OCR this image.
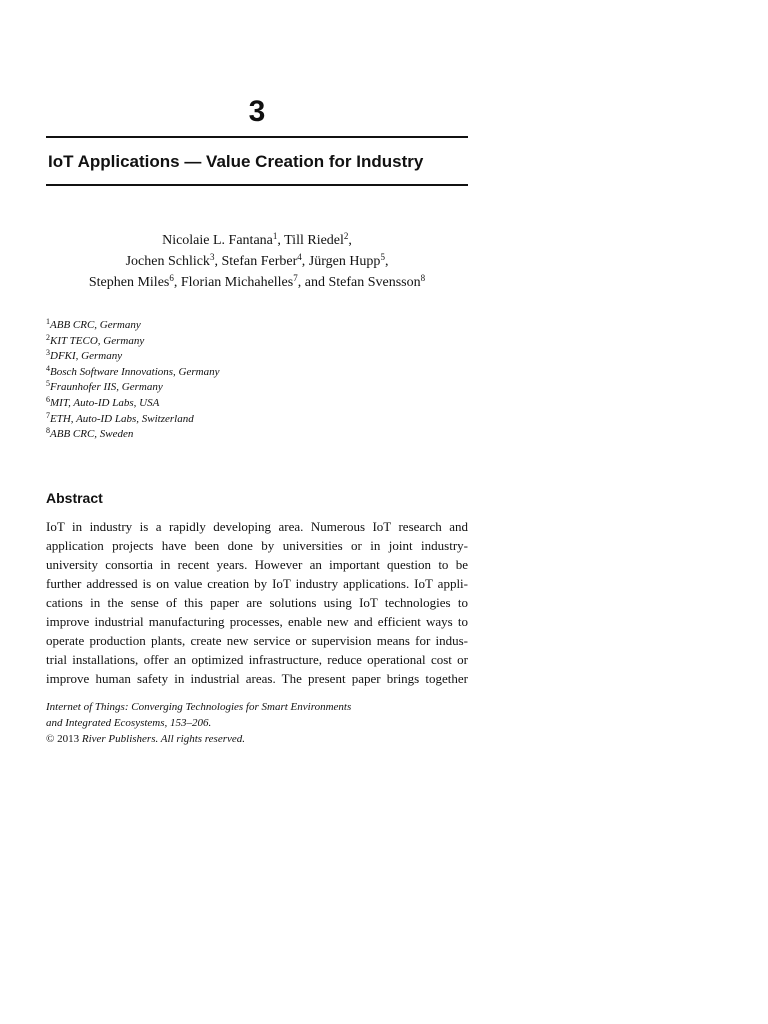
3
IoT Applications — Value Creation for Industry
Nicolaie L. Fantana$^1$, Till Riedel$^2$,
Jochen Schlick$^3$, Stefan Ferber$^4$, Jürgen Hupp$^5$,
Stephen Miles$^6$, Florian Michahelles$^7$, and Stefan Svensson$^8$
$^1$ABB CRC, Germany
$^2$KIT TECO, Germany
$^3$DFKI, Germany
$^4$Bosch Software Innovations, Germany
$^5$Fraunhofer IIS, Germany
$^6$MIT, Auto-ID Labs, USA
$^7$ETH, Auto-ID Labs, Switzerland
$^8$ABB CRC, Sweden
Abstract
IoT in industry is a rapidly developing area. Numerous IoT research and
application projects have been done by universities or in joint industry-
university consortia in recent years. However an important question to be
further addressed is on value creation by IoT industry applications. IoT appli-
cations in the sense of this paper are solutions using IoT technologies to
improve industrial manufacturing processes, enable new and efficient ways to
operate production plants, create new service or supervision means for indus-
trial installations, offer an optimized infrastructure, reduce operational cost or
improve human safety in industrial areas. The present paper brings together
Internet of Things: Converging Technologies for Smart Environments
and Integrated Ecosystems, 153–206.
© 2013 River Publishers. All rights reserved.
